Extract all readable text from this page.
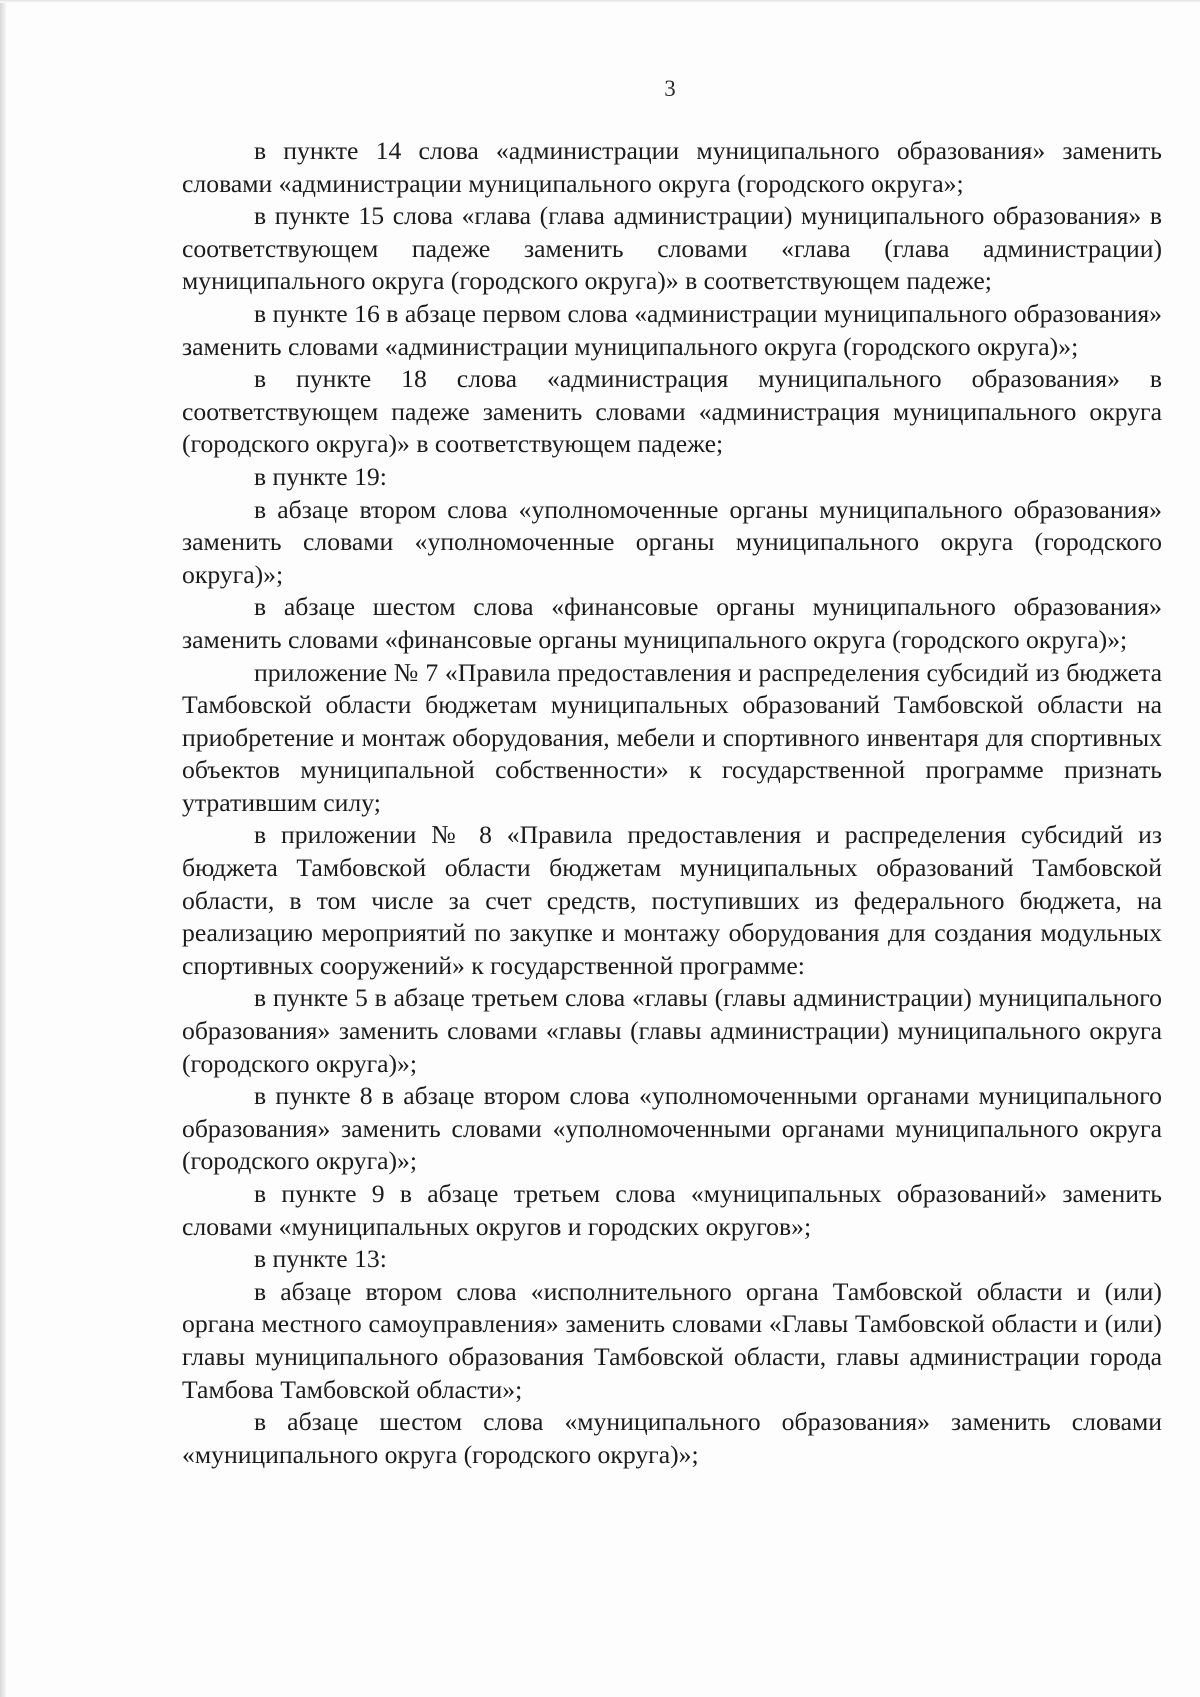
3

в пункте 14 слова «администрации муниципального образования» заменить словами «администрации муниципального округа (городского округа»;

в пункте 15 слова «глава (глава администрации) муниципального образования» в соответствующем падеже заменить словами «глава (глава администрации) муниципального округа (городского округа)» в соответствующем падеже;

в пункте 16 в абзаце первом слова «администрации муниципального образования» заменить словами «администрации муниципального округа (городского округа)»;

в пункте 18 слова «администрация муниципального образования» в соответствующем падеже заменить словами «администрация муниципального округа (городского округа)» в соответствующем падеже;

в пункте 19:

в абзаце втором слова «уполномоченные органы муниципального образования» заменить словами «уполномоченные органы муниципального округа (городского округа)»;

в абзаце шестом слова «финансовые органы муниципального образования» заменить словами «финансовые органы муниципального округа (городского округа)»;

приложение № 7 «Правила предоставления и распределения субсидий из бюджета Тамбовской области бюджетам муниципальных образований Тамбовской области на приобретение и монтаж оборудования, мебели и спортивного инвентаря для спортивных объектов муниципальной собственности» к государственной программе признать утратившим силу;

в приложении № 8 «Правила предоставления и распределения субсидий из бюджета Тамбовской области бюджетам муниципальных образований Тамбовской области, в том числе за счет средств, поступивших из федерального бюджета, на реализацию мероприятий по закупке и монтажу оборудования для создания модульных спортивных сооружений» к государственной программе:

в пункте 5 в абзаце третьем слова «главы (главы администрации) муниципального образования» заменить словами «главы (главы администрации) муниципального округа (городского округа)»;

в пункте 8 в абзаце втором слова «уполномоченными органами муниципального образования» заменить словами «уполномоченными органами муниципального округа (городского округа)»;

в пункте 9 в абзаце третьем слова «муниципальных образований» заменить словами «муниципальных округов и городских округов»;

в пункте 13:

в абзаце втором слова «исполнительного органа Тамбовской области и (или) органа местного самоуправления» заменить словами «Главы Тамбовской области и (или) главы муниципального образования Тамбовской области, главы администрации города Тамбова Тамбовской области»;

в абзаце шестом слова «муниципального образования» заменить словами «муниципального округа (городского округа)»;
